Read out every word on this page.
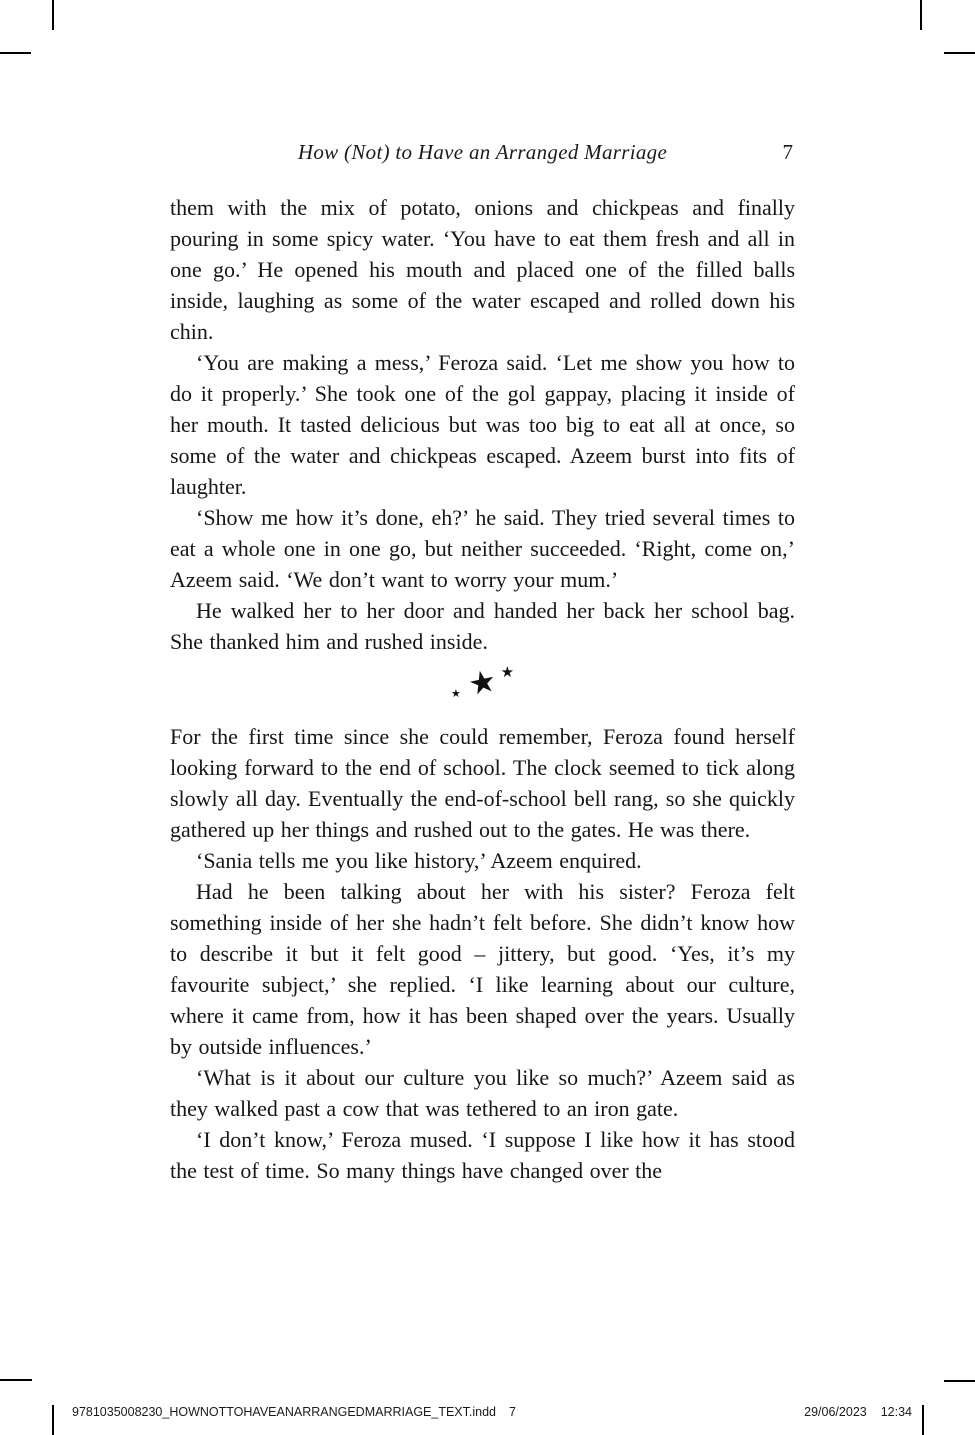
How (Not) to Have an Arranged Marriage	7

them with the mix of potato, onions and chickpeas and finally pouring in some spicy water. ‘You have to eat them fresh and all in one go.’ He opened his mouth and placed one of the filled balls inside, laughing as some of the water escaped and rolled down his chin.

‘You are making a mess,’ Feroza said. ‘Let me show you how to do it properly.’ She took one of the gol gappay, placing it inside of her mouth. It tasted delicious but was too big to eat all at once, so some of the water and chickpeas escaped. Azeem burst into fits of laughter.

‘Show me how it’s done, eh?’ he said. They tried several times to eat a whole one in one go, but neither succeeded. ‘Right, come on,’ Azeem said. ‘We don’t want to worry your mum.’

He walked her to her door and handed her back her school bag. She thanked him and rushed inside.

★ ★ ★

For the first time since she could remember, Feroza found herself looking forward to the end of school. The clock seemed to tick along slowly all day. Eventually the end-of-school bell rang, so she quickly gathered up her things and rushed out to the gates. He was there.

‘Sania tells me you like history,’ Azeem enquired.

Had he been talking about her with his sister? Feroza felt something inside of her she hadn’t felt before. She didn’t know how to describe it but it felt good – jittery, but good. ‘Yes, it’s my favourite subject,’ she replied. ‘I like learning about our culture, where it came from, how it has been shaped over the years. Usually by outside influences.’

‘What is it about our culture you like so much?’ Azeem said as they walked past a cow that was tethered to an iron gate.

‘I don’t know,’ Feroza mused. ‘I suppose I like how it has stood the test of time. So many things have changed over the

9781035008230_HOWNOTTOHAVEANARRANGEDMARRIAGE_TEXT.indd 7	29/06/2023 12:34
